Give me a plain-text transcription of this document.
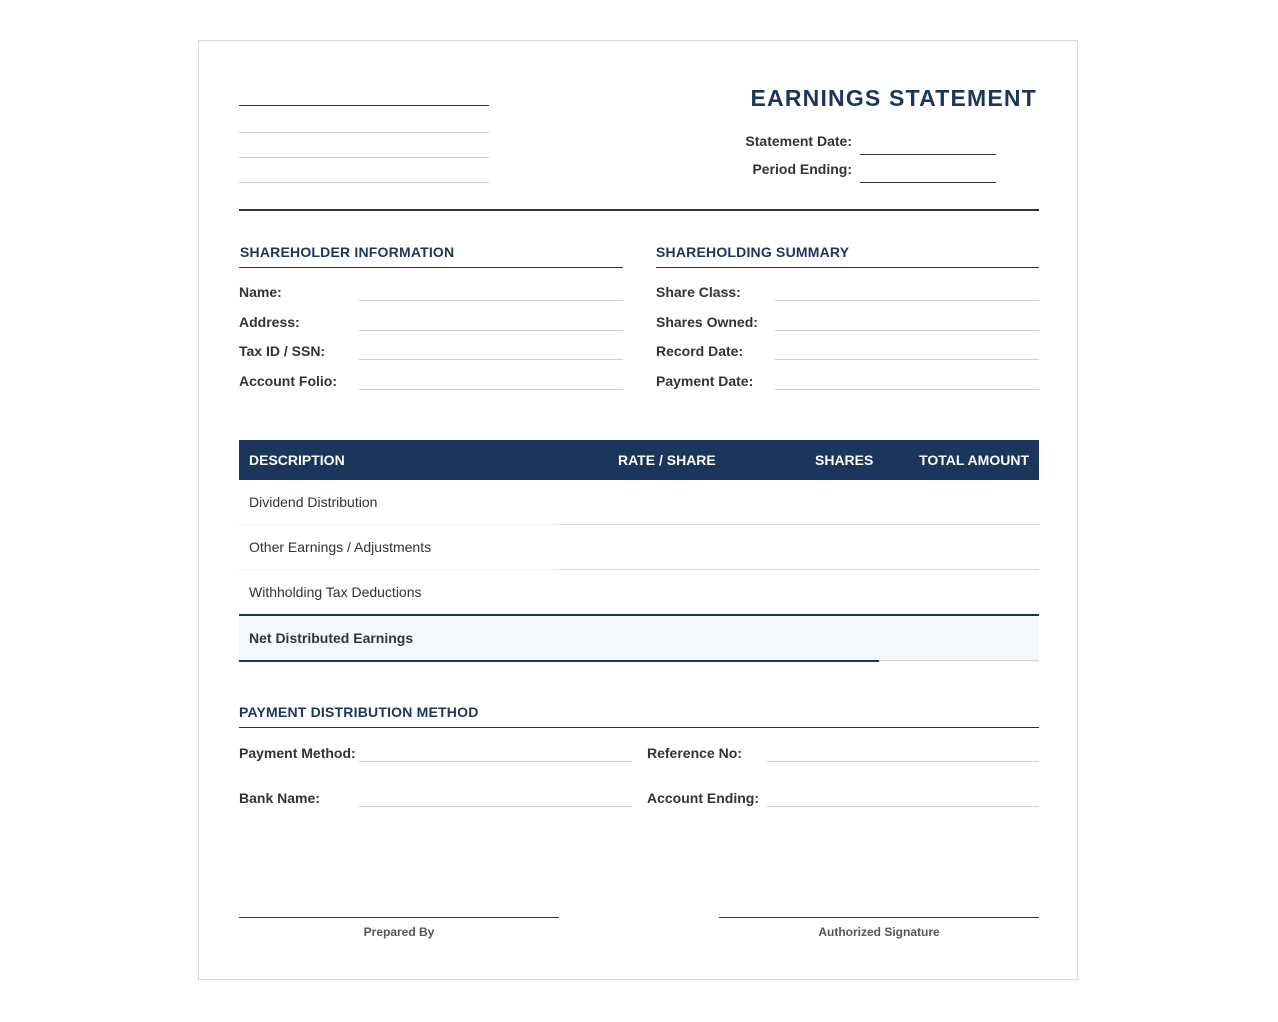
EARNINGS STATEMENT
Statement Date:
Period Ending:
SHAREHOLDER INFORMATION
Name:
Address:
Tax ID / SSN:
Account Folio:
SHAREHOLDING SUMMARY
Share Class:
Shares Owned:
Record Date:
Payment Date:
DESCRIPTION	RATE / SHARE	SHARES	TOTAL AMOUNT
Dividend Distribution
Other Earnings / Adjustments
Withholding Tax Deductions
Net Distributed Earnings
PAYMENT DISTRIBUTION METHOD
Payment Method:
Bank Name:
Reference No:
Account Ending:
Prepared By	Authorized Signature
